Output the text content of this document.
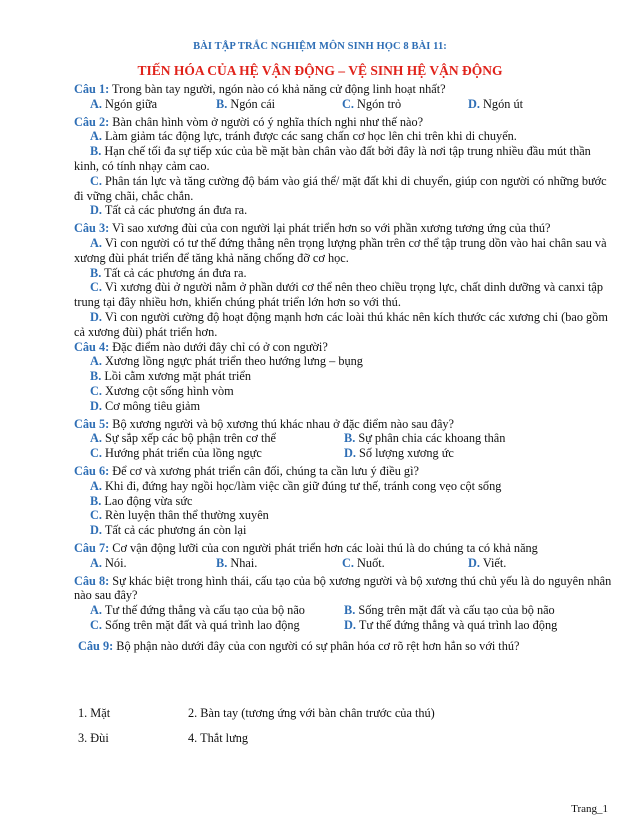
BÀI TẬP TRẮC NGHIỆM MÔN SINH HỌC 8 BÀI 11:
TIẾN HÓA CỦA HỆ VẬN ĐỘNG – VỆ SINH HỆ VẬN ĐỘNG

Câu 1: Trong bàn tay người, ngón nào có khả năng cử động linh hoạt nhất?

A. Ngón giữa	B. Ngón cái	C. Ngón trỏ	D. Ngón út

Câu 2: Bàn chân hình vòm ở người có ý nghĩa thích nghi như thế nào?

A. Làm giảm tác động lực, tránh được các sang chấn cơ học lên chi trên khi di chuyển.

B. Hạn chế tối đa sự tiếp xúc của bề mặt bàn chân vào đất bởi đây là nơi tập trung nhiều đầu mút thần kinh, có tính nhạy cảm cao.

C. Phân tán lực và tăng cường độ bám vào giá thể/ mặt đất khi di chuyển, giúp con người có những bước đi vững chãi, chắc chắn.

D. Tất cả các phương án đưa ra.

Câu 3: Vì sao xương đùi của con người lại phát triển hơn so với phần xương tương ứng của thú?

A. Vì con người có tư thế đứng thẳng nên trọng lượng phần trên cơ thể tập trung dồn vào hai chân sau và xương đùi phát triển để tăng khả năng chống đỡ cơ học.

B. Tất cả các phương án đưa ra.

C. Vì xương đùi ở người nằm ở phần dưới cơ thể nên theo chiều trọng lực, chất dinh dưỡng và canxi tập trung tại đây nhiều hơn, khiến chúng phát triển lớn hơn so với thú.

D. Vì con người cường độ hoạt động mạnh hơn các loài thú khác nên kích thước các xương chi (bao gồm cả xương đùi) phát triển hơn.

Câu 4: Đặc điểm nào dưới đây chỉ có ở con người?

A. Xương lồng ngực phát triển theo hướng lưng – bụng

B. Lồi cằm xương mặt phát triển

C. Xương cột sống hình vòm

D. Cơ mông tiêu giảm

Câu 5: Bộ xương người và bộ xương thú khác nhau ở đặc điểm nào sau đây?

A. Sự sắp xếp các bộ phận trên cơ thể	B. Sự phân chia các khoang thân
C. Hướng phát triển của lồng ngực	D. Số lượng xương ức

Câu 6: Để cơ và xương phát triển cân đối, chúng ta cần lưu ý điều gì?

A. Khi đi, đứng hay ngồi học/làm việc cần giữ đúng tư thế, tránh cong vẹo cột sống

B. Lao động vừa sức

C. Rèn luyện thân thể thường xuyên

D. Tất cả các phương án còn lại

Câu 7: Cơ vận động lưỡi của con người phát triển hơn các loài thú là do chúng ta có khả năng

A. Nói.	B. Nhai.	C. Nuốt.	D. Viết.

Câu 8: Sự khác biệt trong hình thái, cấu tạo của bộ xương người và bộ xương thú chủ yếu là do nguyên nhân nào sau đây?

A. Tư thế đứng thẳng và cấu tạo của bộ não	B. Sống trên mặt đất và cấu tạo của bộ não
C. Sống trên mặt đất và quá trình lao động	D. Tư thế đứng thẳng và quá trình lao động

Câu 9: Bộ phận nào dưới đây của con người có sự phân hóa cơ rõ rệt hơn hẳn so với thú?

1. Mặt	2. Bàn tay (tương ứng với bàn chân trước của thú)
3. Đùi	4. Thắt lưng
Trang_1
